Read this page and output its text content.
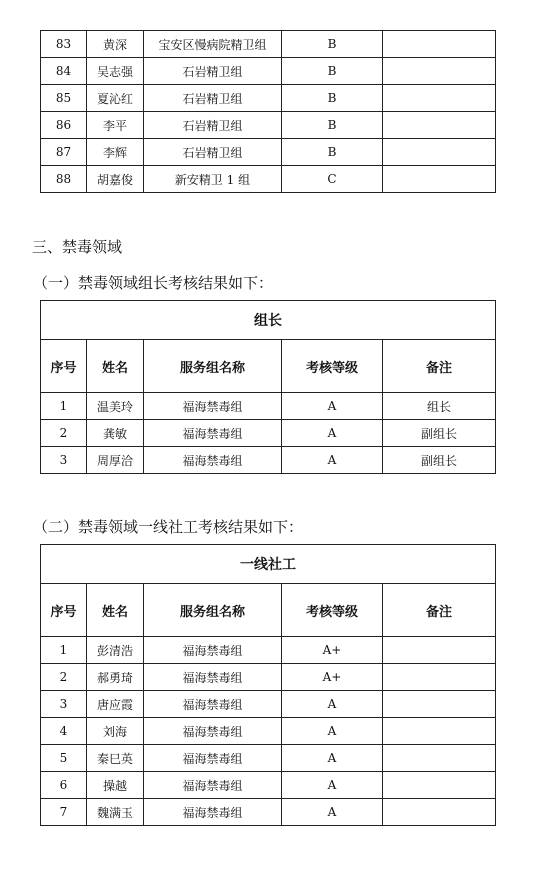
83	黄深	宝安区慢病院精卫组	B	
84	吴志强	石岩精卫组	B	
85	夏沁红	石岩精卫组	B	
86	李平	石岩精卫组	B	
87	李辉	石岩精卫组	B	
88	胡嘉俊	新安精卫 1 组	C	
三、禁毒领域
（一）禁毒领域组长考核结果如下：
组长				
序号	姓名	服务组名称	考核等级	备注
1	温美玲	福海禁毒组	A	组长
2	龚敏	福海禁毒组	A	副组长
3	周厚洽	福海禁毒组	A	副组长
（二）禁毒领域一线社工考核结果如下：
一线社工				
序号	姓名	服务组名称	考核等级	备注
1	彭清浩	福海禁毒组	A+	
2	郝勇琦	福海禁毒组	A+	
3	唐应霞	福海禁毒组	A	
4	刘海	福海禁毒组	A	
5	秦巳英	福海禁毒组	A	
6	操越	福海禁毒组	A	
7	魏满玉	福海禁毒组	A	
